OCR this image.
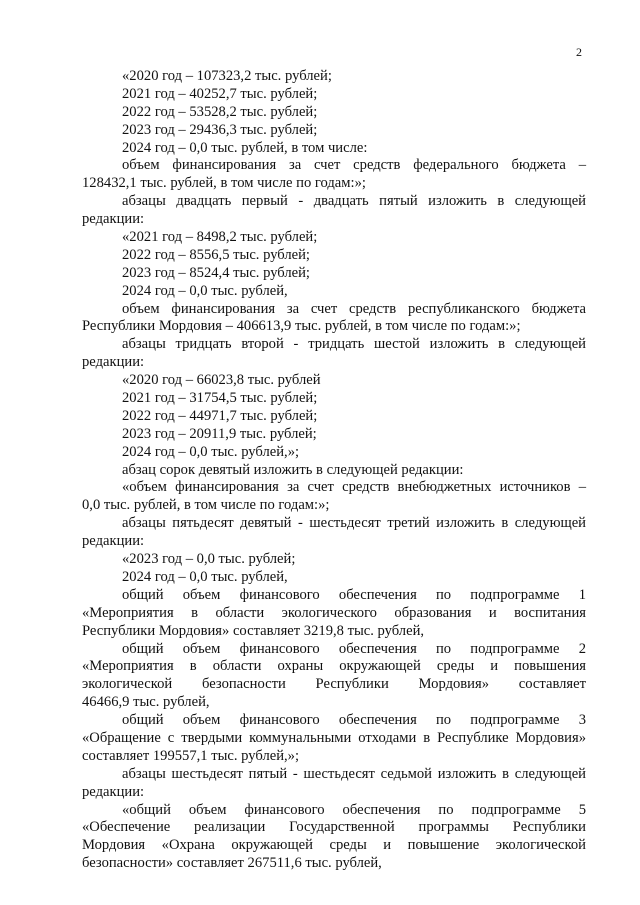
2
«2020 год – 107323,2 тыс. рублей;
2021 год – 40252,7 тыс. рублей;
2022 год – 53528,2 тыс. рублей;
2023 год – 29436,3 тыс. рублей;
2024 год – 0,0 тыс. рублей, в том числе:
объем финансирования за счет средств федерального бюджета –
128432,1 тыс. рублей, в том числе по годам:»;
абзацы двадцать первый - двадцать пятый изложить в следующей
редакции:
«2021 год – 8498,2 тыс. рублей;
2022 год – 8556,5 тыс. рублей;
2023 год – 8524,4 тыс. рублей;
2024 год – 0,0 тыс. рублей,
объем финансирования за счет средств республиканского бюджета
Республики Мордовия – 406613,9 тыс. рублей, в том числе по годам:»;
абзацы тридцать второй - тридцать шестой изложить в следующей
редакции:
«2020 год – 66023,8 тыс. рублей
2021 год – 31754,5 тыс. рублей;
2022 год – 44971,7 тыс. рублей;
2023 год – 20911,9 тыс. рублей;
2024 год – 0,0 тыс. рублей,»;
абзац сорок девятый изложить в следующей редакции:
«объем финансирования за счет средств внебюджетных источников –
0,0 тыс. рублей, в том числе по годам:»;
абзацы пятьдесят девятый - шестьдесят третий изложить в следующей
редакции:
«2023 год – 0,0 тыс. рублей;
2024 год – 0,0 тыс. рублей,
общий объем финансового обеспечения по подпрограмме 1
«Мероприятия в области экологического образования и воспитания
Республики Мордовия» составляет 3219,8 тыс. рублей,
общий объем финансового обеспечения по подпрограмме 2
«Мероприятия в области охраны окружающей среды и повышения
экологической безопасности Республики Мордовия» составляет
46466,9 тыс. рублей,
общий объем финансового обеспечения по подпрограмме 3
«Обращение с твердыми коммунальными отходами в Республике Мордовия»
составляет 199557,1 тыс. рублей,»;
абзацы шестьдесят пятый - шестьдесят седьмой изложить в следующей
редакции:
«общий объем финансового обеспечения по подпрограмме 5
«Обеспечение реализации Государственной программы Республики
Мордовия «Охрана окружающей среды и повышение экологической
безопасности» составляет 267511,6 тыс. рублей,
